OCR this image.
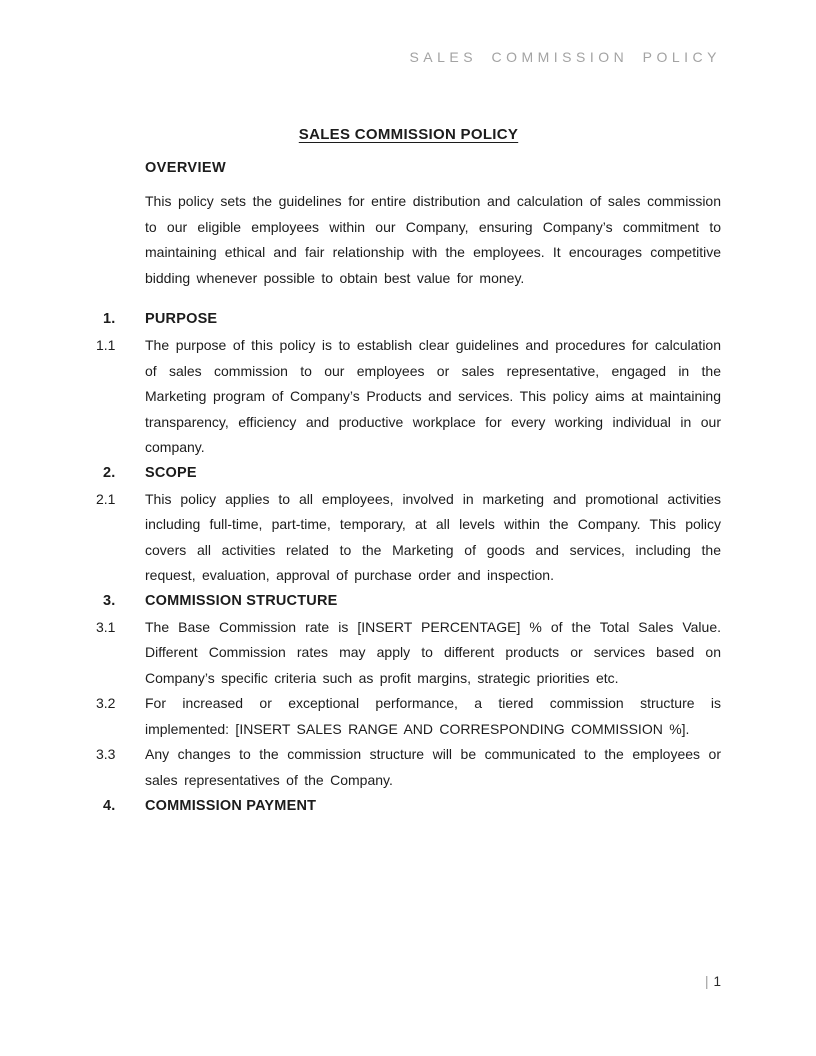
SALES COMMISSION POLICY
SALES COMMISSION POLICY
OVERVIEW

This policy sets the guidelines for entire distribution and calculation of sales commission to our eligible employees within our Company, ensuring Company’s commitment to maintaining ethical and fair relationship with the employees. It encourages competitive bidding whenever possible to obtain best value for money.

1.	PURPOSE
1.1	The purpose of this policy is to establish clear guidelines and procedures for calculation of sales commission to our employees or sales representative, engaged in the Marketing program of Company’s Products and services. This policy aims at maintaining transparency, efficiency and productive workplace for every working individual in our company.

2.	SCOPE
2.1	This policy applies to all employees, involved in marketing and promotional activities including full-time, part-time, temporary, at all levels within the Company. This policy covers all activities related to the Marketing of goods and services, including the request, evaluation, approval of purchase order and inspection.

3.	COMMISSION STRUCTURE
3.1	The Base Commission rate is [INSERT PERCENTAGE] % of the Total Sales Value. Different Commission rates may apply to different products or services based on Company’s specific criteria such as profit margins, strategic priorities etc.

3.2	For increased or exceptional performance, a tiered commission structure is implemented: [INSERT SALES RANGE AND CORRESPONDING COMMISSION %].

3.3	Any changes to the commission structure will be communicated to the employees or sales representatives of the Company.

4.	COMMISSION PAYMENT
| 1
